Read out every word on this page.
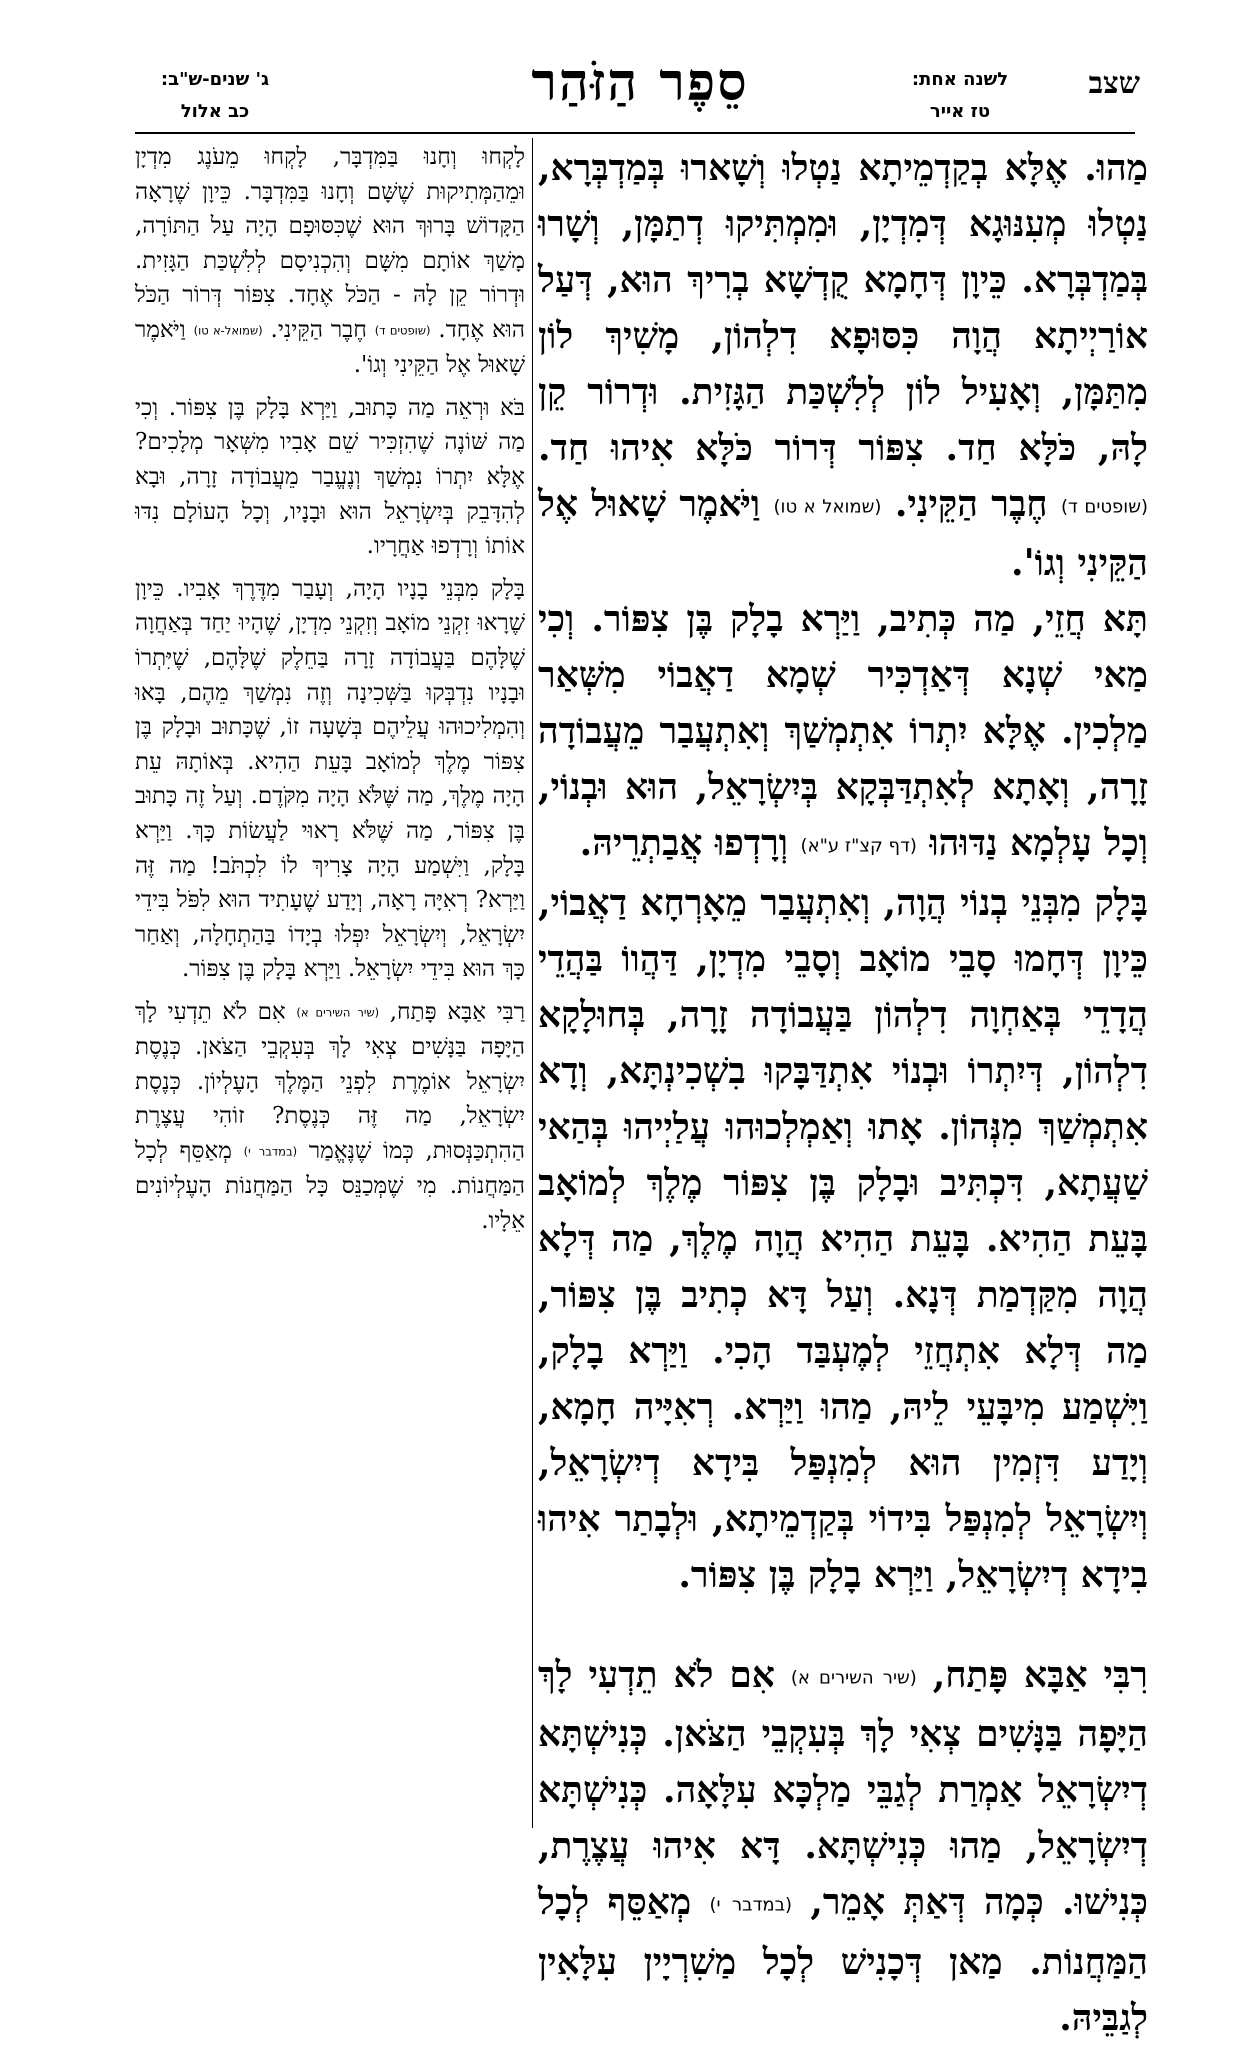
שצב
לשנה אחת:
טז אייר
סֵפֶר הַזֹּהַר
ג' שנים-ש"ב:
כב אלול

מַהוּ. אֶלָּא בְקַדְמֵיתָא נַטְלוּ וְשָׁארוּ בְּמַדְבְּרָא, נַטְלוּ מְעִנּוּגָא דְּמִדְיָן, וּמִמְתִּיקוּ דְתַמָּן, וְשָׁרוּ בְּמַדְבְּרָא. כֵּיוָן דְּחָמָא קֻדְשָׁא בְרִיךְ הוּא, דְּעַל אוֹרַיְיתָא הֲוָה כִּסּוּפָא דִלְהוֹן, מָשִׁיךְ לוֹן מִתַּמָּן, וְאָעִיל לוֹן לְלִשְׁכַּת הַגָּזִית. וּדְרוֹר קֵן לָהּ, כֹּלָּא חַד. צִפּוֹר דְּרוֹר כֹּלָּא אִיהוּ חַד. (שופטים ד) חֶבֶר הַקֵּינִי. (שמואל א טו) וַיֹּאמֶר שָׁאוּל אֶל הַקֵּינִי וְגוֹ'.

תָּא חֲזֵי, מַה כְּתִיב, וַיַּרְא בָלָק בֶּן צִפּוֹר. וְכִי מַאי שְׁנָא דְּאַדְכִּיר שְׁמָא דַאֲבוֹי מִשְּׁאַר מַלְכִין. אֶלָּא יִתְרוֹ אִתְמְשַׁךְ וְאִתְעֲבַר מֵעֲבוֹדָה זָרָה, וְאָתָא לְאִתְדַּבְּקָא בְּיִשְׂרָאֵל, הוּא וּבְנוֹי, וְכָל עָלְמָא נַדּוּהוּ (דף קצ"ז ע"א) וְרָדְפוּ אֲבַתְרֵיהּ.

בָּלָק מִבְּנֵי בְנוֹי הֲוָה, וְאִתְעֲבַר מֵאָרְחָא דַאֲבוֹי, כֵּיוָן דְּחָמוּ סָבֵי מוֹאָב וְסָבֵי מִדְיָן, דַּהֲווֹ בַּהֲדֵי הֲדָדֵי בְּאַחְוָה דִלְהוֹן בַּעֲבוֹדָה זָרָה, בְּחוּלָקָא דִלְהוֹן, דְּיִתְרוֹ וּבְנוֹי אִתְדַּבָּקוּ בִשְׁכִינְתָּא, וְדָא אִתְמְשַׁךְ מִנְּהוֹן. אָתוּ וְאַמְלְכוּהוּ עֲלַיְיהוּ בְּהַאי שַׁעֲתָא, דִּכְתִּיב וּבָלָק בֶּן צִפּוֹר מֶלֶךְ לְמוֹאָב בָּעֵת הַהִיא. בָּעֵת הַהִיא הֲוָה מֶלֶךְ, מַה דְּלָא הֲוָה מִקַּדְמַת דְּנָא. וְעַל דָּא כְתִיב בֶּן צִפּוֹר, מַה דְּלָא אִתְחֲזֵי לְמֶעְבַּד הָכִי. וַיַּרְא בָלָק, וַיִּשְׁמַע מִיבָּעֵי לֵיהּ, מַהוּ וַיַּרְא. רְאִיָּיה חָמָא, וְיָדַע דִּזְמִין הוּא לְמִנְפַּל בִּידָא דְיִשְׂרָאֵל, וְיִשְׂרָאֵל לְמִנְפַּל בִּידוֹי בְּקַדְמֵיתָא, וּלְבָתַר אִיהוּ בִידָא דְיִשְׂרָאֵל, וַיַּרְא בָלָק בֶּן צִפּוֹר.

רִבִּי אַבָּא פָּתַח, (שיר השירים א) אִם לֹא תֵדְעִי לָךְ הַיָּפָה בַּנָּשִׁים צְאִי לָךְ בְּעִקְבֵי הַצֹּאן. כְּנִישְׁתָּא דְיִשְׂרָאֵל אַמְרַת לְגַבֵּי מַלְכָּא עִלָּאָה. כְּנִישְׁתָּא דְיִשְׂרָאֵל, מַהוּ כְּנִישְׁתָּא. דָּא אִיהוּ עֲצֶרֶת, כְּנִישׁוּ. כְּמָה דְּאַתְּ אָמֵר, (במדבר י) מְאַסֵּף לְכָל הַמַּחֲנוֹת. מַאן דְּכָנִישׁ לְכָל מַשִׁרְיָין עִלָּאִין לְגַבֵּיהּ.

לָקְחוּ וְחָנוּ בַּמִּדְבָּר, לָקְחוּ מֵעֹנֶג מִדְיָן וּמֵהַמְּתִיקוּת שֶׁשָּׁם וְחָנוּ בַּמִּדְבָּר. כֵּיוָן שֶׁרָאָה הַקָּדוֹשׁ בָּרוּךְ הוּא שֶׁכִּסּוּפָם הָיָה עַל הַתּוֹרָה, מָשַׁךְ אוֹתָם מִשָּׁם וְהִכְנִיסָם לְלִשְׁכַּת הַגָּזִית. וּדְרוֹר קֵן לָהּ - הַכֹּל אֶחָד. צִפּוֹר דְּרוֹר הַכֹּל הוּא אֶחָד. (שופטים ד) חֶבֶר הַקֵּינִי. (שמואל-א טו) וַיֹּאמֶר שָׁאוּל אֶל הַקֵּינִי וְגוֹ'.

בֹּא וּרְאֵה מַה כָּתוּב, וַיַּרְא בָּלָק בֶּן צִפּוֹר. וְכִי מַה שּׁוֹנֶה שֶׁהִזְכִּיר שֵׁם אָבִיו מִשְּׁאָר מְלָכִים? אֶלָּא יִתְרוֹ נִמְשַׁךְ וְנֶעֱבַר מֵעֲבוֹדָה זָרָה, וּבָא לְהִדָּבֵק בְּיִשְׂרָאֵל הוּא וּבָנָיו, וְכָל הָעוֹלָם נִדּוּ אוֹתוֹ וְרָדְפוּ אַחֲרָיו.

בָּלָק מִבְּנֵי בָנָיו הָיָה, וְעָבַר מִדֶּרֶךְ אָבִיו. כֵּיוָן שֶׁרָאוּ זִקְנֵי מוֹאָב וְזִקְנֵי מִדְיָן, שֶׁהָיוּ יַחַד בְּאַחֲוָה שֶׁלָּהֶם בַּעֲבוֹדָה זָרָה בַּחֵלֶק שֶׁלָּהֶם, שֶׁיִּתְרוֹ וּבָנָיו נִדְבְּקוּ בַּשְּׁכִינָה וְזֶה נִמְשַׁךְ מֵהֶם, בָּאוּ וְהִמְלִיכוּהוּ עֲלֵיהֶם בְּשָׁעָה זוֹ, שֶׁכָּתוּב וּבָלָק בֶּן צִפּוֹר מֶלֶךְ לְמוֹאָב בָּעֵת הַהִיא. בְּאוֹתָהּ עֵת הָיָה מֶלֶךְ, מַה שֶּׁלֹּא הָיָה מִקֹּדֶם. וְעַל זֶה כָּתוּב בֶּן צִפּוֹר, מַה שֶּׁלֹּא רָאוּי לַעֲשׂוֹת כָּךְ. וַיַּרְא בָּלָק, וַיִּשְׁמַע הָיָה צָרִיךְ לוֹ לִכְתֹּב! מַה זֶּה וַיַּרְא? רְאִיָּה רָאָה, וְיָדַע שֶׁעָתִיד הוּא לִפֹּל בִּידֵי יִשְׂרָאֵל, וְיִשְׂרָאֵל יִפְּלוּ בְיָדוֹ בַּהַתְחָלָה, וְאַחַר כָּךְ הוּא בִּידֵי יִשְׂרָאֵל. וַיַּרְא בָּלָק בֶּן צִפּוֹר.

רַבִּי אַבָּא פָּתַח, (שיר השירים א) אִם לֹא תֵדְעִי לָךְ הַיָּפָה בַּנָּשִׁים צְאִי לָךְ בְּעִקְבֵי הַצֹּאן. כְּנֶסֶת יִשְׂרָאֵל אוֹמֶרֶת לִפְנֵי הַמֶּלֶךְ הָעֶלְיוֹן. כְּנֶסֶת יִשְׂרָאֵל, מַה זֶּה כְּנֶסֶת? זוֹהִי עֲצֶרֶת הַהִתְכַּנְּסוּת, כְּמוֹ שֶׁנֶּאֱמַר (במדבר י) מְאַסֵּף לְכָל הַמַּחֲנוֹת. מִי שֶׁמְּכַנֵּס כָּל הַמַּחֲנוֹת הָעֶלְיוֹנִים אֵלָיו.
